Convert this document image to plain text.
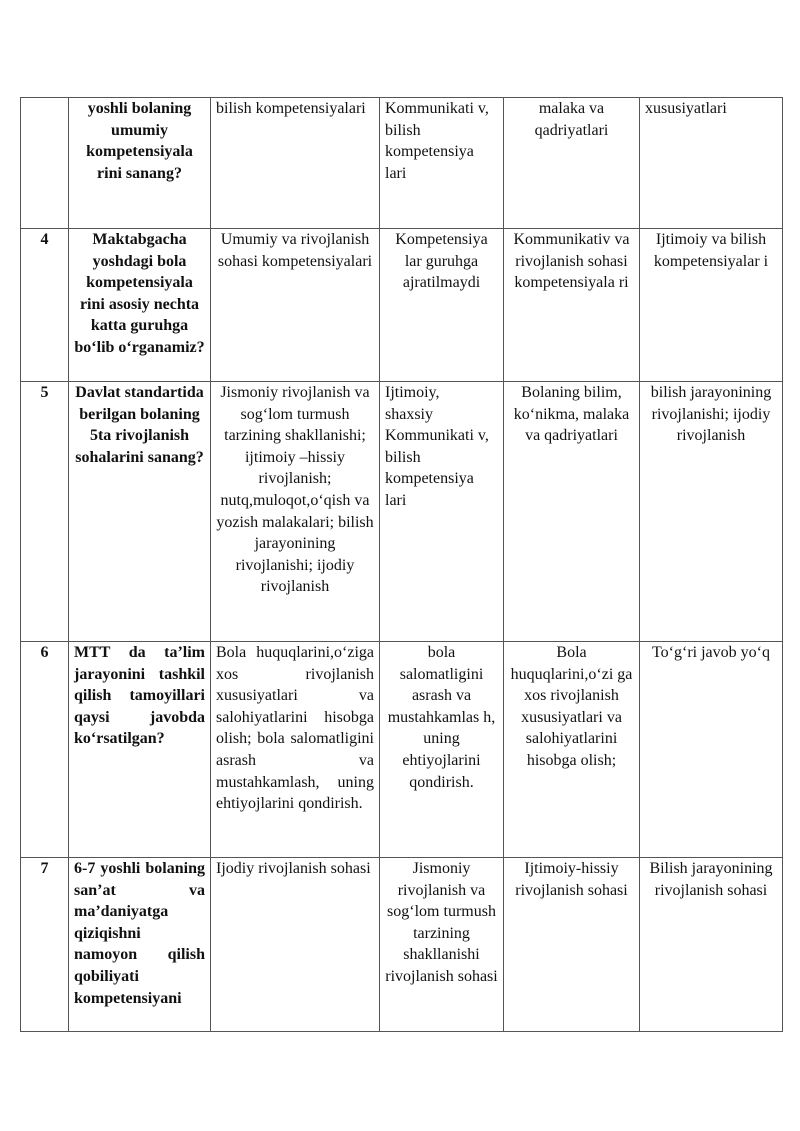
	yoshli bolaning umumiy kompetensiyala rini sanang?	bilish kompetensiyalari	Kommunikati v,
bilish kompetensiya lari	malaka va qadriyatlari	xususiyatlari
4	Maktabgacha yoshdagi bola kompetensiyala rini asosiy nechta katta guruhga bo‘lib o‘rganamiz?	Umumiy va rivojlanish sohasi kompetensiyalari	Kompetensiya lar guruhga ajratilmaydi	Kommunikativ va rivojlanish sohasi kompetensiyala ri	Ijtimoiy va bilish kompetensiyalar i
5	Davlat standartida berilgan bolaning 5ta rivojlanish sohalarini sanang?	Jismoniy rivojlanish va sog‘lom turmush tarzining shakllanishi; ijtimoiy –hissiy rivojlanish; nutq,muloqot,o‘qish va yozish malakalari; bilish jarayonining rivojlanishi; ijodiy rivojlanish	Ijtimoiy,
shaxsiy
Kommunikati v,
bilish kompetensiya lari	Bolaning bilim, ko‘nikma, malaka va qadriyatlari	bilish jarayonining rivojlanishi; ijodiy rivojlanish
6	MTT da ta’lim jarayonini tashkil qilish tamoyillari qaysi javobda ko‘rsatilgan?	Bola huquqlarini,o‘ziga xos rivojlanish xususiyatlari va salohiyatlarini hisobga olish; bola salomatligini asrash va mustahkamlash, uning ehtiyojlarini qondirish.	bola salomatligini asrash va mustahkamlas h, uning ehtiyojlarini qondirish.	Bola huquqlarini,o‘zi ga xos rivojlanish xususiyatlari va salohiyatlarini hisobga olish;	To‘g‘ri javob yo‘q
7	6-7 yoshli bolaning san’at va ma’daniyatga qiziqishni namoyon qilish qobiliyati kompetensiyani	Ijodiy rivojlanish sohasi	Jismoniy rivojlanish va sog‘lom turmush tarzining shakllanishi rivojlanish sohasi	Ijtimoiy-hissiy rivojlanish sohasi	Bilish jarayonining rivojlanish sohasi
